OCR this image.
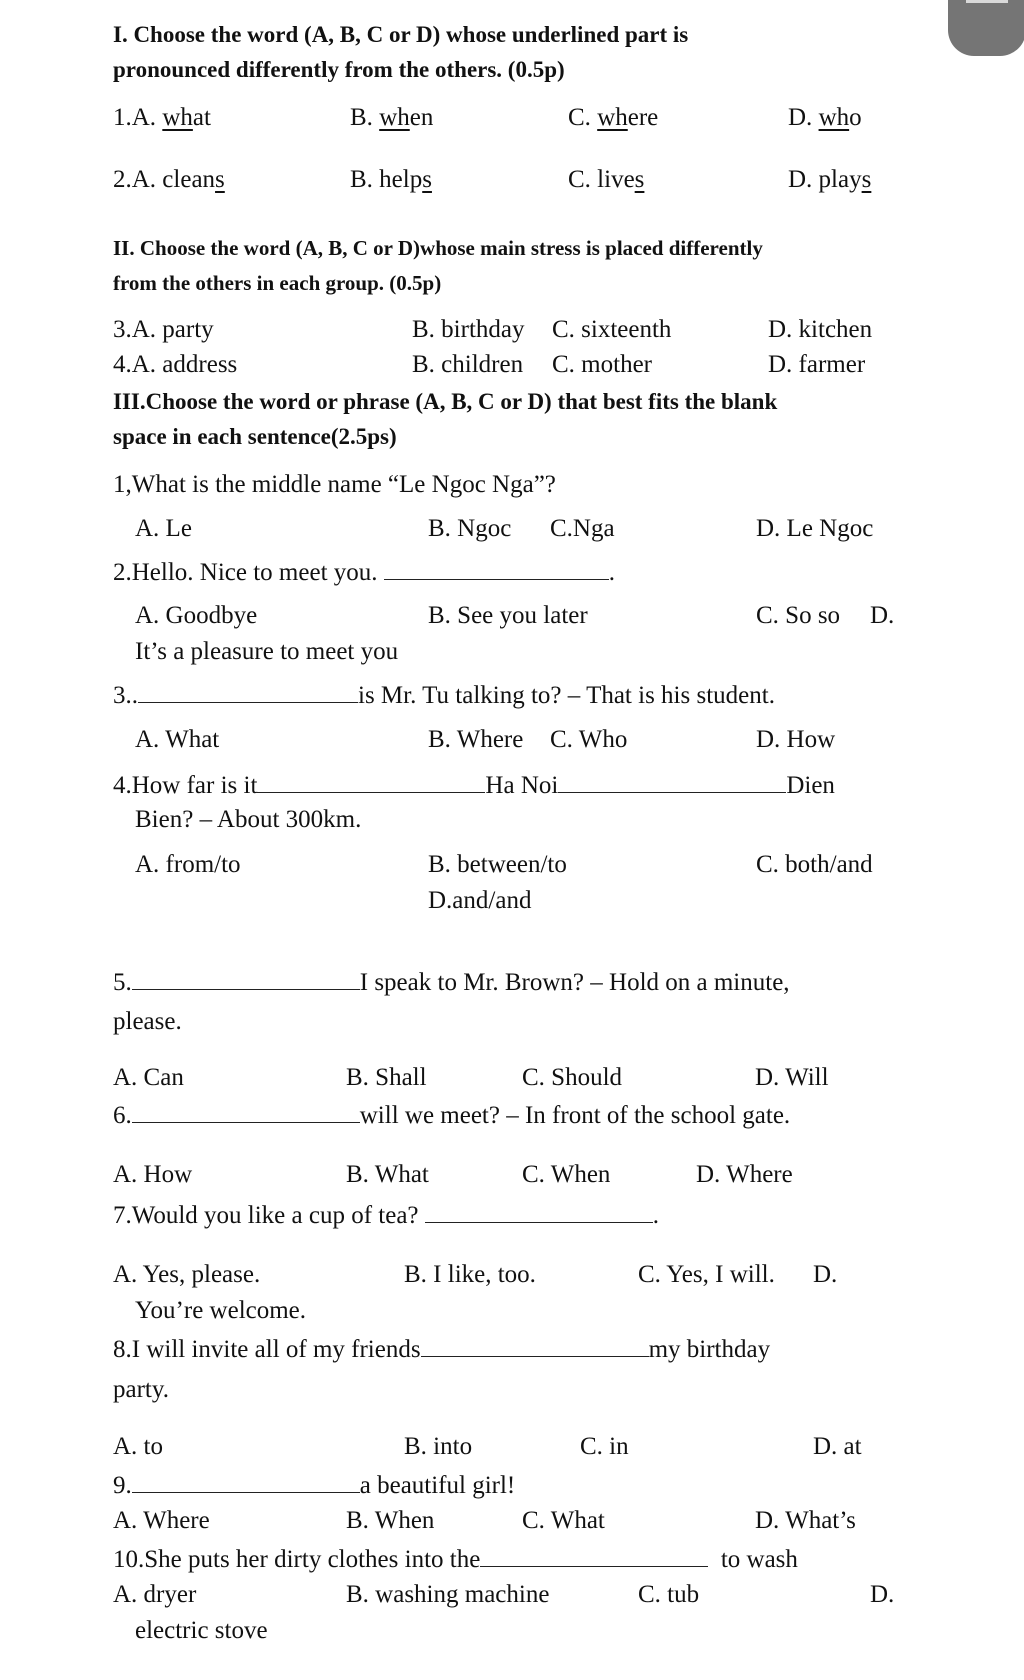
I. Choose the word (A, B, C or D) whose underlined part is
pronounced differently from the others. (0.5p)
1.A. what	B. when	C. where	D. who
2.A. cleans	B. helps	C. lives	D. plays
II. Choose the word (A, B, C or D)whose main stress is placed differently
from the others in each group. (0.5p)
3.A. party	B. birthday C. sixteenth	D. kitchen
4.A. address	B. children C. mother	D. farmer
III.Choose the word or phrase (A, B, C or D) that best fits the blank
space in each sentence(2.5ps)
1,What is the middle name “Le Ngoc Nga”?
A. Le	B. Ngoc C.Nga	D. Le Ngoc
2.Hello. Nice to meet you.	.
A. Goodbye	B. See you later	C. So so D.
It’s a pleasure to meet you
3..	is Mr. Tu talking to? – That is his student.
A. What	B. Where C. Who	D. How
4.How far is it	Ha Noi	Dien
Bien? – About 300km.
A. from/to	B. between/to	C. both/and
D.and/and
5.	I speak to Mr. Brown? – Hold on a minute,
please.
A. Can	B. Shall	C. Should	D. Will
6.	will we meet? – In front of the school gate.
A. How	B. What	C. When	D. Where
7.Would you like a cup of tea?	.
A. Yes, please.	B. I like, too.	C. Yes, I will. D.
You’re welcome.
8.I will invite all of my friends	my birthday
party.
A. to	B. into	C. in	D. at
9.	a beautiful girl!
A. Where	B. When	C. What	D. What’s
10.She puts her dirty clothes into the	to wash
A. dryer	B. washing machine	C. tub	D.
electric stove
